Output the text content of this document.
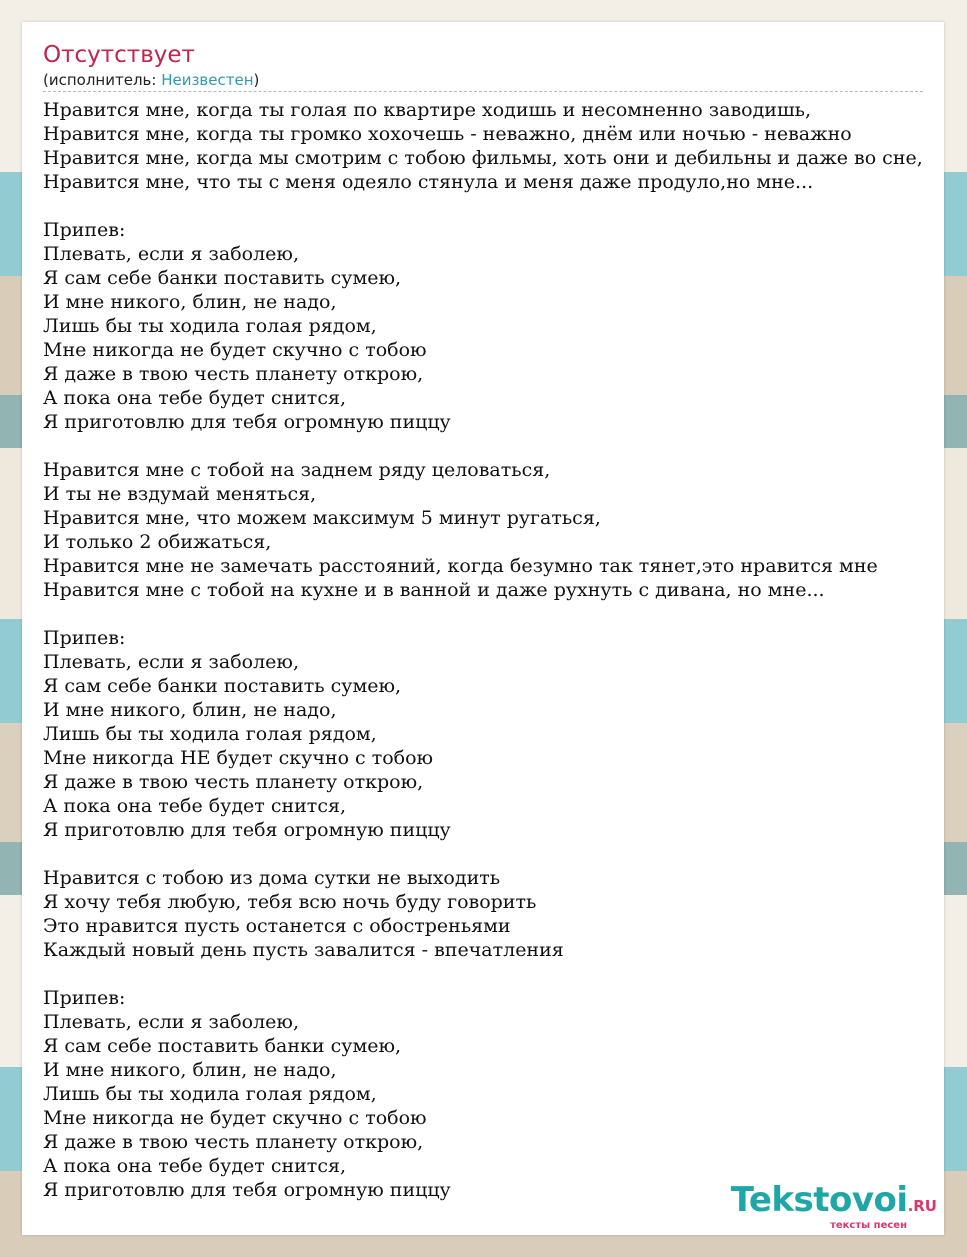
Отсутствует
(исполнитель: Неизвестен)
Нравится мне, когда ты голая по квартире ходишь и несомненно заводишь,
Нравится мне, когда ты громко хохочешь - неважно, днём или ночью - неважно
Нравится мне, когда мы смотрим с тобою фильмы, хоть они и дебильны и даже во сне,
Нравится мне, что ты с меня одеяло стянула и меня даже продуло,но мне...
Припев:
Плевать, если я заболею,
Я сам себе банки поставить сумею,
И мне никого, блин, не надо,
Лишь бы ты ходила голая рядом,
Мне никогда не будет скучно с тобою
Я даже в твою честь планету открою,
А пока она тебе будет снится,
Я приготовлю для тебя огромную пиццу
Нравится мне с тобой на заднем ряду целоваться,
И ты не вздумай меняться,
Нравится мне, что можем максимум 5 минут ругаться,
И только 2 обижаться,
Нравится мне не замечать расстояний, когда безумно так тянет,это нравится мне
Нравится мне с тобой на кухне и в ванной и даже рухнуть с дивана, но мне...
Припев:
Плевать, если я заболею,
Я сам себе банки поставить сумею,
И мне никого, блин, не надо,
Лишь бы ты ходила голая рядом,
Мне никогда НЕ будет скучно с тобою
Я даже в твою честь планету открою,
А пока она тебе будет снится,
Я приготовлю для тебя огромную пиццу
Нравится с тобою из дома сутки не выходить
Я хочу тебя любую, тебя всю ночь буду говорить
Это нравится пусть останется с обостреньями
Каждый новый день пусть завалится - впечатления
Припев:
Плевать, если я заболею,
Я сам себе поставить банки сумею,
И мне никого, блин, не надо,
Лишь бы ты ходила голая рядом,
Мне никогда не будет скучно с тобою
Я даже в твою честь планету открою,
А пока она тебе будет снится,
Я приготовлю для тебя огромную пиццу	Tekstovoi.RU
тексты песен
